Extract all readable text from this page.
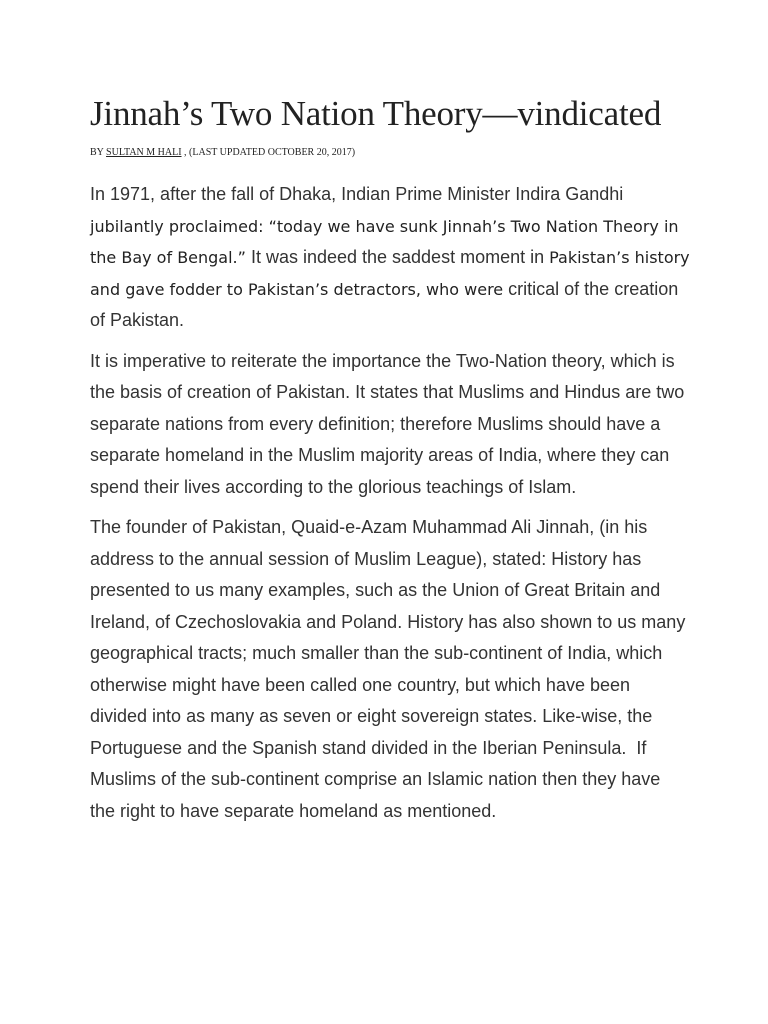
Jinnah’s Two Nation Theory—vindicated
BY SULTAN M HALI , (LAST UPDATED OCTOBER 20, 2017)

In 1971, after the fall of Dhaka, Indian Prime Minister Indira Gandhi jubilantly proclaimed: “today we have sunk Jinnah’s Two Nation Theory in the Bay of Bengal.” It was indeed the saddest moment in Pakistan’s history and gave fodder to Pakistan’s detractors, who were critical of the creation of Pakistan.

It is imperative to reiterate the importance the Two-Nation theory, which is the basis of creation of Pakistan. It states that Muslims and Hindus are two separate nations from every definition; therefore Muslims should have a separate homeland in the Muslim majority areas of India, where they can spend their lives according to the glorious teachings of Islam.

The founder of Pakistan, Quaid-e-Azam Muhammad Ali Jinnah, (in his address to the annual session of Muslim League), stated: History has presented to us many examples, such as the Union of Great Britain and Ireland, of Czechoslovakia and Poland. History has also shown to us many geographical tracts; much smaller than the sub-continent of India, which otherwise might have been called one country, but which have been divided into as many as seven or eight sovereign states. Like-wise, the Portuguese and the Spanish stand divided in the Iberian Peninsula.  If Muslims of the sub-continent comprise an Islamic nation then they have the right to have separate homeland as mentioned.
